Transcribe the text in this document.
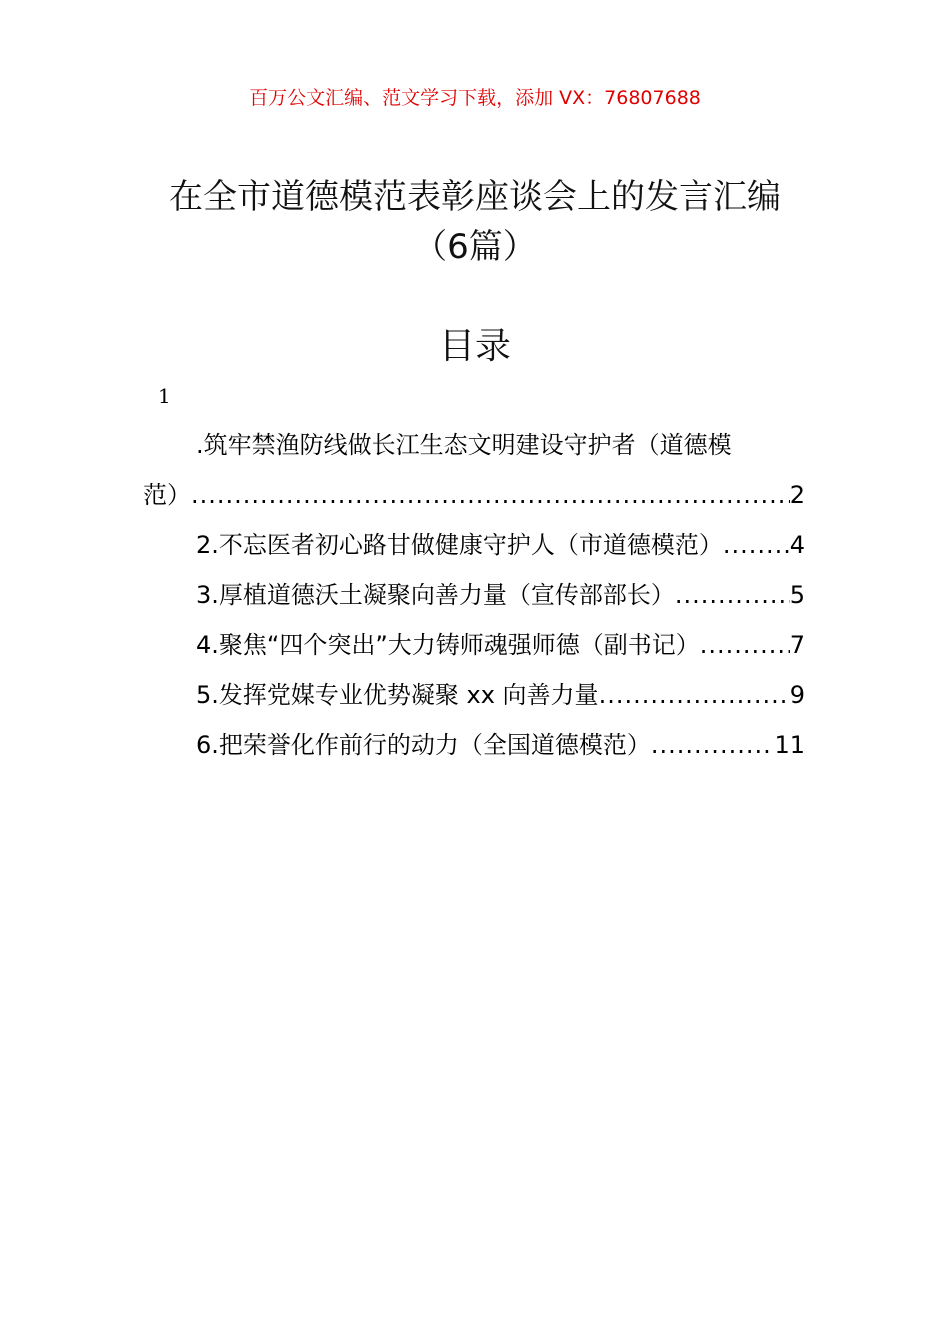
百万公文汇编、范文学习下载，添加 VX：76807688
在全市道德模范表彰座谈会上的发言汇编
（6篇）
目录
1
.筑牢禁渔防线做长江生态文明建设守护者（道德模
范） .....	2
2.不忘医者初心路甘做健康守护人（市道德模范） .....	4
3.厚植道德沃土凝聚向善力量（宣传部部长） .....	5
4.聚焦“四个突出”大力铸师魂强师德（副书记） .....	7
5.发挥党媒专业优势凝聚 xx 向善力量 .....	9
6.把荣誉化作前行的动力（全国道德模范） .....	11
